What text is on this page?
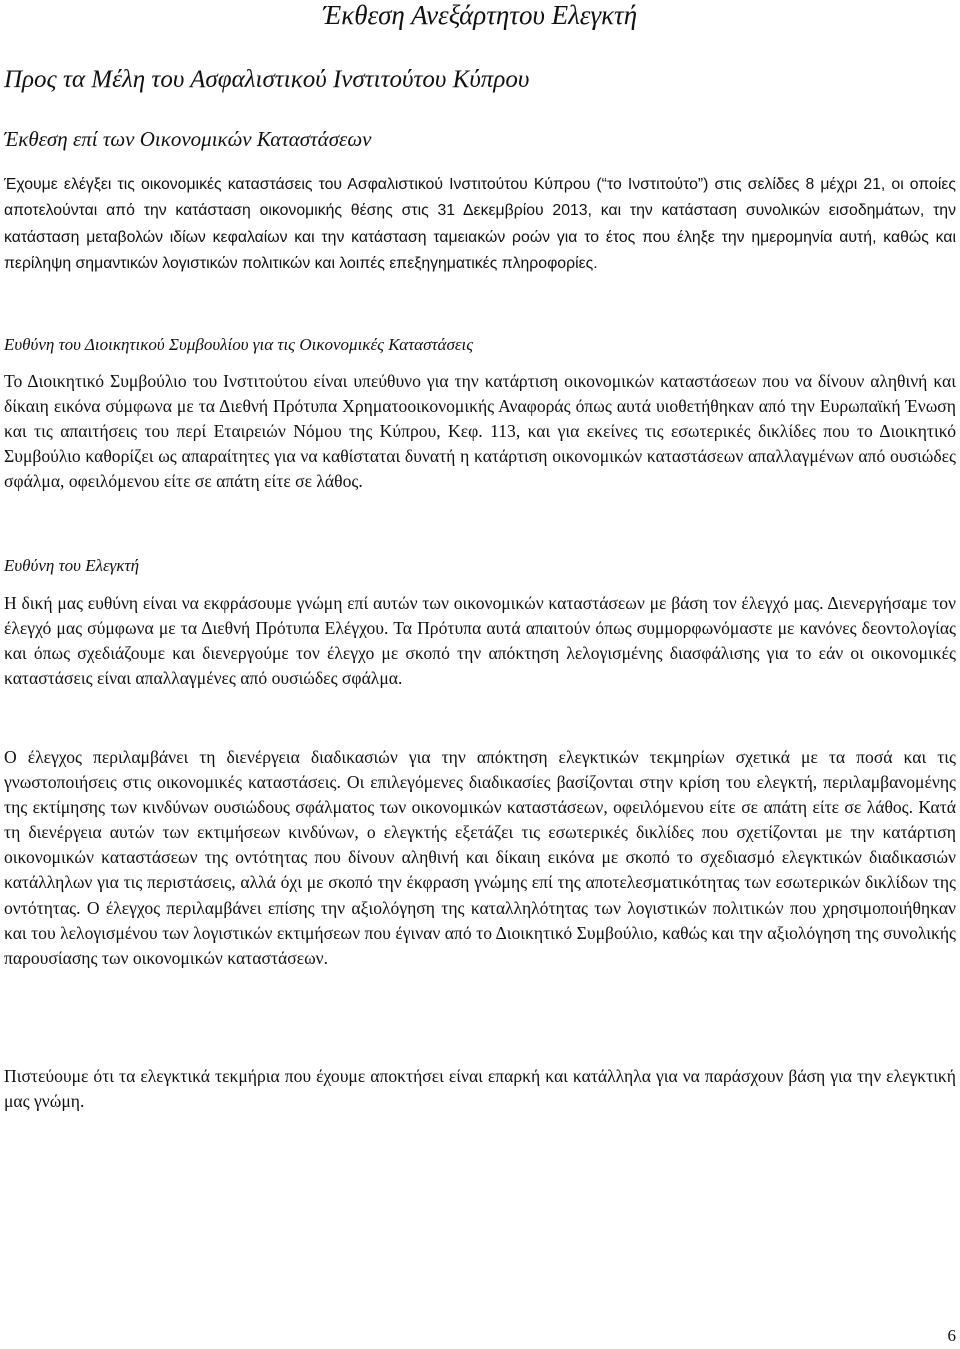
Έκθεση Ανεξάρτητου Ελεγκτή
Προς τα Μέλη του Ασφαλιστικού Ινστιτούτου Κύπρου
Έκθεση επί των Οικονομικών Καταστάσεων

Έχουμε ελέγξει τις οικονομικές καταστάσεις του Ασφαλιστικού Ινστιτούτου Κύπρου (“το Ινστιτούτο”) στις σελίδες 8 μέχρι 21, οι οποίες αποτελούνται από την κατάσταση οικονομικής θέσης στις 31 Δεκεμβρίου 2013, και την κατάσταση συνολικών εισοδημάτων, την κατάσταση μεταβολών ιδίων κεφαλαίων και την κατάσταση ταμειακών ροών για το έτος που έληξε την ημερομηνία αυτή, καθώς και περίληψη σημαντικών λογιστικών πολιτικών και λοιπές επεξηγηματικές πληροφορίες.

Ευθύνη του Διοικητικού Συμβουλίου για τις Οικονομικές Καταστάσεις

Το Διοικητικό Συμβούλιο του Ινστιτούτου είναι υπεύθυνο για την κατάρτιση οικονομικών καταστάσεων που να δίνουν αληθινή και δίκαιη εικόνα σύμφωνα με τα Διεθνή Πρότυπα Χρηματοοικονομικής Αναφοράς όπως αυτά υιοθετήθηκαν από την Ευρωπαϊκή Ένωση και τις απαιτήσεις του περί Εταιρειών Νόμου της Κύπρου, Κεφ. 113, και για εκείνες τις εσωτερικές δικλίδες που το Διοικητικό Συμβούλιο καθορίζει ως απαραίτητες για να καθίσταται δυνατή η κατάρτιση οικονομικών καταστάσεων απαλλαγμένων από ουσιώδες σφάλμα, οφειλόμενου είτε σε απάτη είτε σε λάθος.

Ευθύνη του Ελεγκτή

Η δική μας ευθύνη είναι να εκφράσουμε γνώμη επί αυτών των οικονομικών καταστάσεων με βάση τον έλεγχό μας. Διενεργήσαμε τον έλεγχό μας σύμφωνα με τα Διεθνή Πρότυπα Ελέγχου. Τα Πρότυπα αυτά απαιτούν όπως συμμορφωνόμαστε με κανόνες δεοντολογίας και όπως σχεδιάζουμε και διενεργούμε τον έλεγχο με σκοπό την απόκτηση λελογισμένης διασφάλισης για το εάν οι οικονομικές καταστάσεις είναι απαλλαγμένες από ουσιώδες σφάλμα.

Ο έλεγχος περιλαμβάνει τη διενέργεια διαδικασιών για την απόκτηση ελεγκτικών τεκμηρίων σχετικά με τα ποσά και τις γνωστοποιήσεις στις οικονομικές καταστάσεις. Οι επιλεγόμενες διαδικασίες βασίζονται στην κρίση του ελεγκτή, περιλαμβανομένης της εκτίμησης των κινδύνων ουσιώδους σφάλματος των οικονομικών καταστάσεων, οφειλόμενου είτε σε απάτη είτε σε λάθος. Κατά τη διενέργεια αυτών των εκτιμήσεων κινδύνων, ο ελεγκτής εξετάζει τις εσωτερικές δικλίδες που σχετίζονται με την κατάρτιση οικονομικών καταστάσεων της οντότητας που δίνουν αληθινή και δίκαιη εικόνα με σκοπό το σχεδιασμό ελεγκτικών διαδικασιών κατάλληλων για τις περιστάσεις, αλλά όχι με σκοπό την έκφραση γνώμης επί της αποτελεσματικότητας των εσωτερικών δικλίδων της οντότητας. Ο έλεγχος περιλαμβάνει επίσης την αξιολόγηση της καταλληλότητας των λογιστικών πολιτικών που χρησιμοποιήθηκαν και του λελογισμένου των λογιστικών εκτιμήσεων που έγιναν από το Διοικητικό Συμβούλιο, καθώς και την αξιολόγηση της συνολικής παρουσίασης των οικονομικών καταστάσεων.

Πιστεύουμε ότι τα ελεγκτικά τεκμήρια που έχουμε αποκτήσει είναι επαρκή και κατάλληλα για να παράσχουν βάση για την ελεγκτική μας γνώμη.

6
